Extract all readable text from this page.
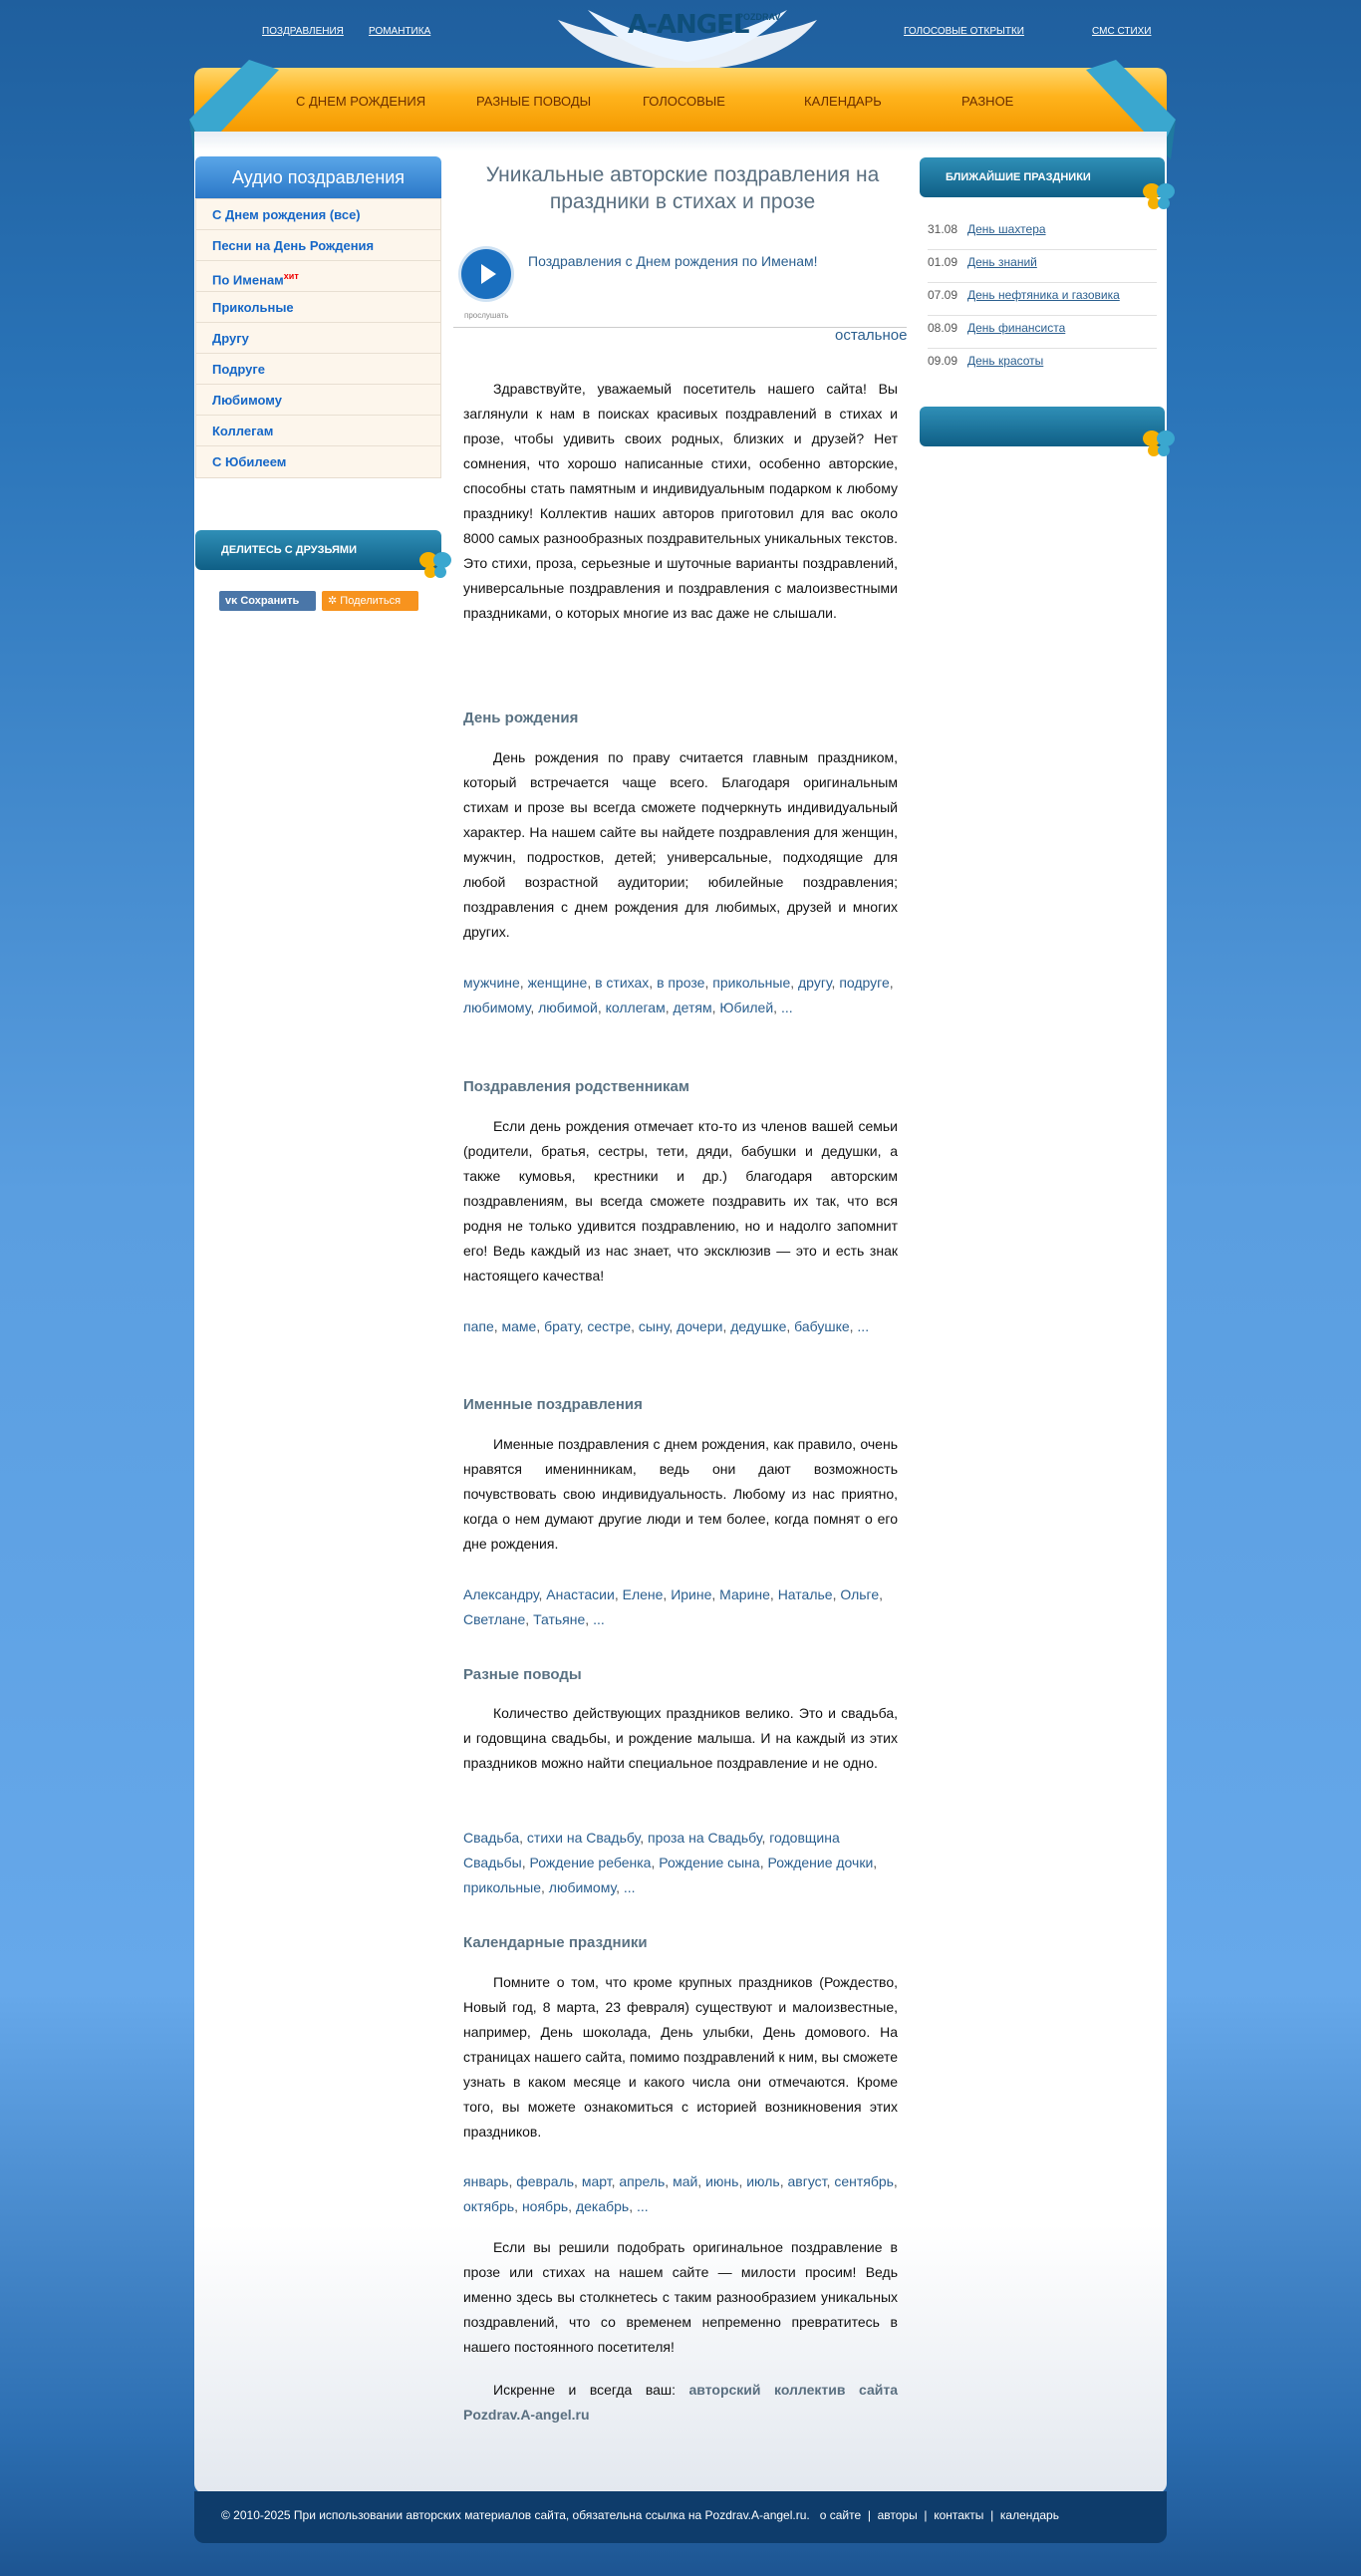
ПОЗДРАВЛЕНИЯ	РОМАНТИКА	ГОЛОСОВЫЕ ОТКРЫТКИ	СМС СТИХИ
A-ANGEL
POZDRAV
С ДНЕМ РОЖДЕНИЯ	РАЗНЫЕ ПОВОДЫ	ГОЛОСОВЫЕ	КАЛЕНДАРЬ	РАЗНОЕ
Аудио поздравления
С Днем рождения (все)
Песни на День Рождения
По Именам$^{хит}$
Прикольные
Другу
Подруге
Любимому
Коллегам
С Юбилеем
ДЕЛИТЕСЬ С ДРУЗЬЯМИ
ᴠᴋ Сохранить	✲ Поделиться
БЛИЖАЙШИЕ ПРАЗДНИКИ
31.08 День шахтера
01.09 День знаний
07.09 День нефтяника и газовика
08.09 День финансиста
09.09 День красоты
Уникальные авторские поздравления на праздники в стихах и прозе
прослушать
Поздравления с Днем рождения по Именам!
остальное

Здравствуйте, уважаемый посетитель нашего сайта! Вы заглянули к нам в поисках красивых поздравлений в стихах и прозе, чтобы удивить своих родных, близких и друзей? Нет сомнения, что хорошо написанные стихи, особенно авторские, способны стать памятным и индивидуальным подарком к любому празднику! Коллектив наших авторов приготовил для вас около 8000 самых разнообразных поздравительных уникальных текстов. Это стихи, проза, серьезные и шуточные варианты поздравлений, универсальные поздравления и поздравления с малоизвестными праздниками, о которых многие из вас даже не слышали.

День рождения

День рождения по праву считается главным праздником, который встречается чаще всего. Благодаря оригинальным стихам и прозе вы всегда сможете подчеркнуть индивидуальный характер. На нашем сайте вы найдете поздравления для женщин, мужчин, подростков, детей; универсальные, подходящие для любой возрастной аудитории; юбилейные поздравления; поздравления с днем рождения для любимых, друзей и многих других.

мужчине, женщине, в стихах, в прозе, прикольные, другу, подруге, любимому, любимой, коллегам, детям, Юбилей, ...
Поздравления родственникам

Если день рождения отмечает кто-то из членов вашей семьи (родители, братья, сестры, тети, дяди, бабушки и дедушки, а также кумовья, крестники и др.) благодаря авторским поздравлениям, вы всегда сможете поздравить их так, что вся родня не только удивится поздравлению, но и надолго запомнит его! Ведь каждый из нас знает, что эксклюзив — это и есть знак настоящего качества!

папе, маме, брату, сестре, сыну, дочери, дедушке, бабушке, ...
Именные поздравления

Именные поздравления с днем рождения, как правило, очень нравятся именинникам, ведь они дают возможность почувствовать свою индивидуальность. Любому из нас приятно, когда о нем думают другие люди и тем более, когда помнят о его дне рождения.

Александру, Анастасии, Елене, Ирине, Марине, Наталье, Ольге, Светлане, Татьяне, ...
Разные поводы

Количество действующих праздников велико. Это и свадьба, и годовщина свадьбы, и рождение малыша. И на каждый из этих праздников можно найти специальное поздравление и не одно.

Свадьба, стихи на Свадьбу, проза на Свадьбу, годовщина Свадьбы, Рождение ребенка, Рождение сына, Рождение дочки, прикольные, любимому, ...
Календарные праздники

Помните о том, что кроме крупных праздников (Рождество, Новый год, 8 марта, 23 февраля) существуют и малоизвестные, например, День шоколада, День улыбки, День домового. На страницах нашего сайта, помимо поздравлений к ним, вы сможете узнать в каком месяце и какого числа они отмечаются. Кроме того, вы можете ознакомиться с историей возникновения этих праздников.

январь, февраль, март, апрель, май, июнь, июль, август, сентябрь, октябрь, ноябрь, декабрь, ...

Если вы решили подобрать оригинальное поздравление в прозе или стихах на нашем сайте — милости просим! Ведь именно здесь вы столкнетесь с таким разнообразием уникальных поздравлений, что со временем непременно превратитесь в нашего постоянного посетителя!

Искренне и всегда ваш: авторский коллектив сайта Pozdrav.A-angel.ru

© 2010-2025 При использовании авторских материалов сайта, обязательна ссылка на Pozdrav.A-angel.ru. о сайте  |  авторы  |  контакты  |  календарь
